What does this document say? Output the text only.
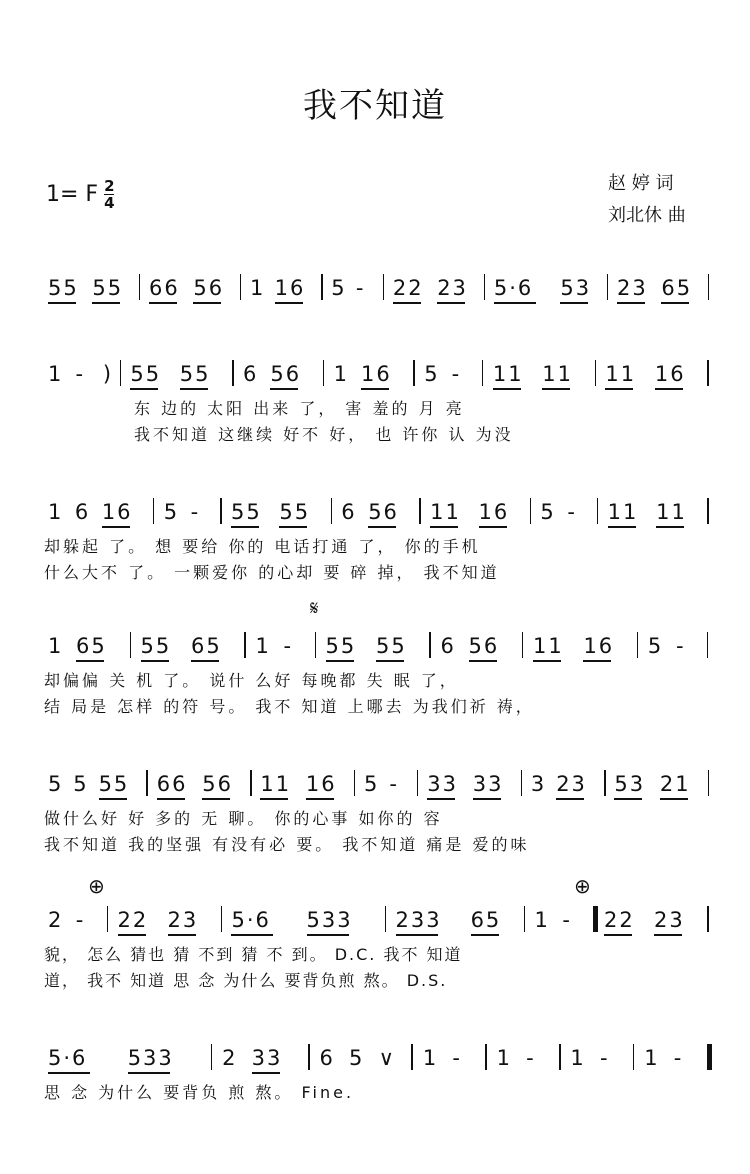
我不知道
1= F $\frac{2}{4}$	赵 婷 词
刘北休 曲
55 55 66 56 1 16 5 - 22 23 5·6 53 23 65
1 - ) 55 55 6 56 1 16 5 - 11 11 11 16
东 边的 太阳 出来 了， 害 羞的 月 亮
我不知道 这继续 好不 好， 也 许你 认 为没
1 6 16 5 - 55 55 6 56 11 16 5 - 11 11
却躲起 了。 想 要给 你的 电话打通 了， 你的手机
什么大不 了。 一颗爱你 的心却 要 碎 掉， 我不知道
𝄋
1 65 55 65 1 - 55 55 6 56 11 16 5 -
却偏偏 关 机 了。 说什 么好 每晚都 失 眠 了，
结 局是 怎样 的符 号。 我不 知道 上哪去 为我们祈 祷，
5 5 55 66 56 11 16 5 - 33 33 3 23 53 21
做什么好 好 多的 无 聊。 你的心事 如你的 容
我不知道 我的坚强 有没有必 要。 我不知道 痛是 爱的味
⊕	⊕
2 - 22 23 5·6 533 233 65 1 - 22 23
貌， 怎么 猜也 猜 不到 猜 不 到。 D.C. 我不 知道
道， 我不 知道 思 念 为什么 要背负煎 熬。 D.S.
5·6 533 2 33 6 5 ∨ 1 - 1 - 1 - 1 -
思 念 为什么 要背负 煎 熬。 Fine.
